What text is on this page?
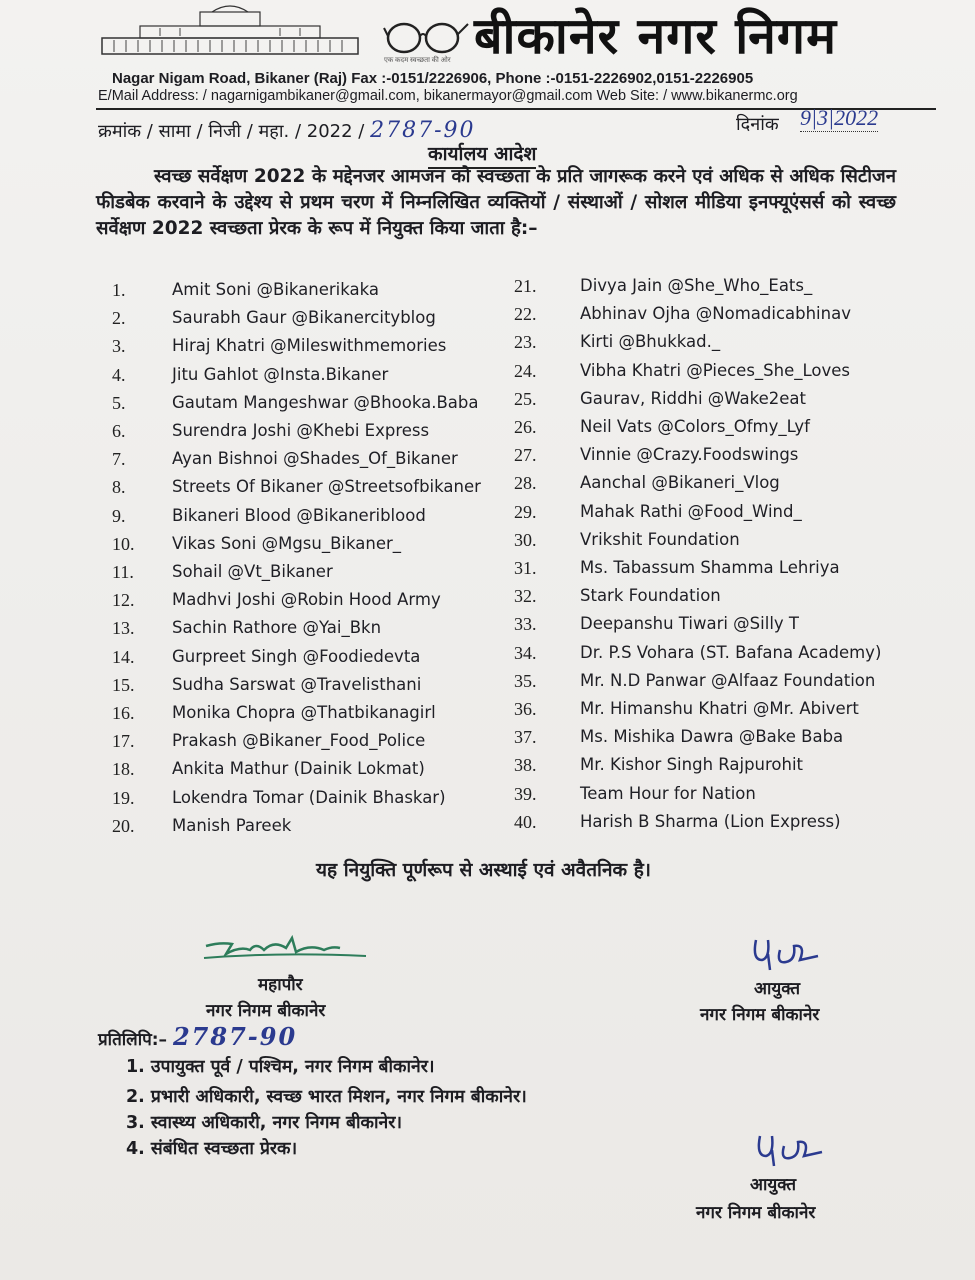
एक कदम स्वच्छता की ओर बीकानेर नगर निगम
Nagar Nigam Road, Bikaner (Raj) Fax :-0151/2226906, Phone :-0151-2226902,0151-2226905
E/Mail Address: / nagarnigambikaner@gmail.com, bikanermayor@gmail.com Web Site: / www.bikanermc.org
क्रमांक / सामा / निजी / महा. / 2022 / 2787-90	दिनांक 9|3|2022
कार्यालय आदेश
स्वच्छ सर्वेक्षण 2022 के मद्देनजर आमजन को स्वच्छता के प्रति जागरूक करने एवं अधिक से अधिक सिटीजन फीडबेक करवाने के उद्देश्य से प्रथम चरण में निम्नलिखित व्यक्तियों / संस्थाओं / सोशल मीडिया इनफ्यूएंसर्स को स्वच्छ सर्वेक्षण 2022 स्वच्छता प्रेरक के रूप में नियुक्त किया जाता है:–
1.	Amit Soni @Bikanerikaka
2.	Saurabh Gaur @Bikanercityblog
3.	Hiraj Khatri @Mileswithmemories
4.	Jitu Gahlot @Insta.Bikaner
5.	Gautam Mangeshwar @Bhooka.Baba
6.	Surendra Joshi @Khebi Express
7.	Ayan Bishnoi @Shades_Of_Bikaner
8.	Streets Of Bikaner @Streetsofbikaner
9.	Bikaneri Blood @Bikaneriblood
10. Vikas Soni @Mgsu_Bikaner_
11. Sohail @Vt_Bikaner
12. Madhvi Joshi @Robin Hood Army
13. Sachin Rathore @Yai_Bkn
14. Gurpreet Singh @Foodiedevta
15. Sudha Sarswat @Travelisthani
16. Monika Chopra @Thatbikanagirl
17. Prakash @Bikaner_Food_Police
18. Ankita Mathur (Dainik Lokmat)
19. Lokendra Tomar (Dainik Bhaskar)
20. Manish Pareek
21.	Divya Jain @She_Who_Eats_
22.	Abhinav Ojha @Nomadicabhinav
23.	Kirti @Bhukkad._
24.	Vibha Khatri @Pieces_She_Loves
25.	Gaurav, Riddhi @Wake2eat
26.	Neil Vats @Colors_Ofmy_Lyf
27.	Vinnie @Crazy.Foodswings
28.	Aanchal @Bikaneri_Vlog
29.	Mahak Rathi @Food_Wind_
30.	Vrikshit Foundation
31.	Ms. Tabassum Shamma Lehriya
32.	Stark Foundation
33.	Deepanshu Tiwari @Silly T
34.	Dr. P.S Vohara (ST. Bafana Academy)
35.	Mr. N.D Panwar @Alfaaz Foundation
36.	Mr. Himanshu Khatri @Mr. Abivert
37.	Ms. Mishika Dawra @Bake Baba
38.	Mr. Kishor Singh Rajpurohit
39.	Team Hour for Nation
40.	Harish B Sharma (Lion Express)
यह नियुक्ति पूर्णरूप से अस्थाई एवं अवैतनिक है।
महापौर
नगर निगम बीकानेर
आयुक्त
नगर निगम बीकानेर
प्रतिलिपि:– 2787-90
1. उपायुक्त पूर्व / पश्चिम, नगर निगम बीकानेर।
2. प्रभारी अधिकारी, स्वच्छ भारत मिशन, नगर निगम बीकानेर।
3. स्वास्थ्य अधिकारी, नगर निगम बीकानेर।
4. संबंधित स्वच्छता प्रेरक।
आयुक्त
नगर निगम बीकानेर
